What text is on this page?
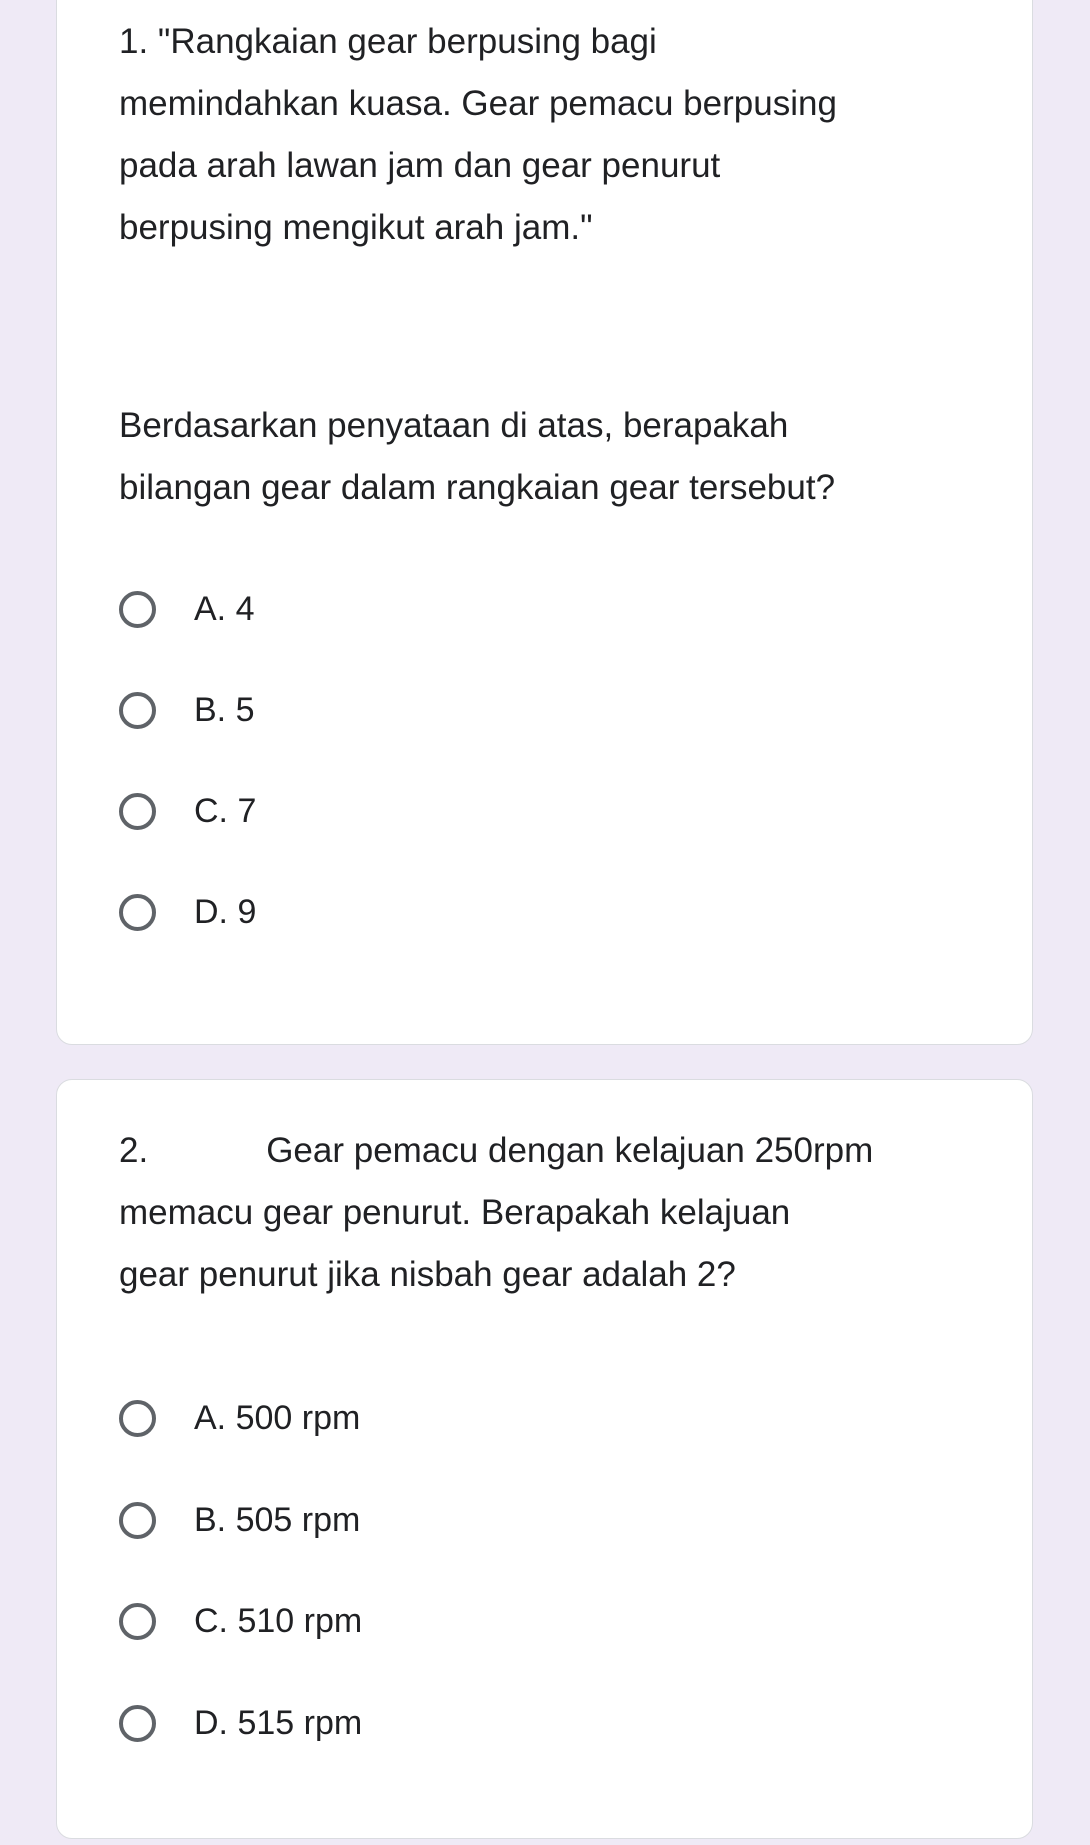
1. "Rangkaian gear berpusing bagi
memindahkan kuasa. Gear pemacu berpusing
pada arah lawan jam dan gear penurut
berpusing mengikut arah jam."

Berdasarkan penyataan di atas, berapakah
bilangan gear dalam rangkaian gear tersebut?

A. 4
B. 5
C. 7
D. 9

2.	Gear pemacu dengan kelajuan 250rpm
memacu gear penurut. Berapakah kelajuan
gear penurut jika nisbah gear adalah 2?

A. 500 rpm
B. 505 rpm
C. 510 rpm
D. 515 rpm
